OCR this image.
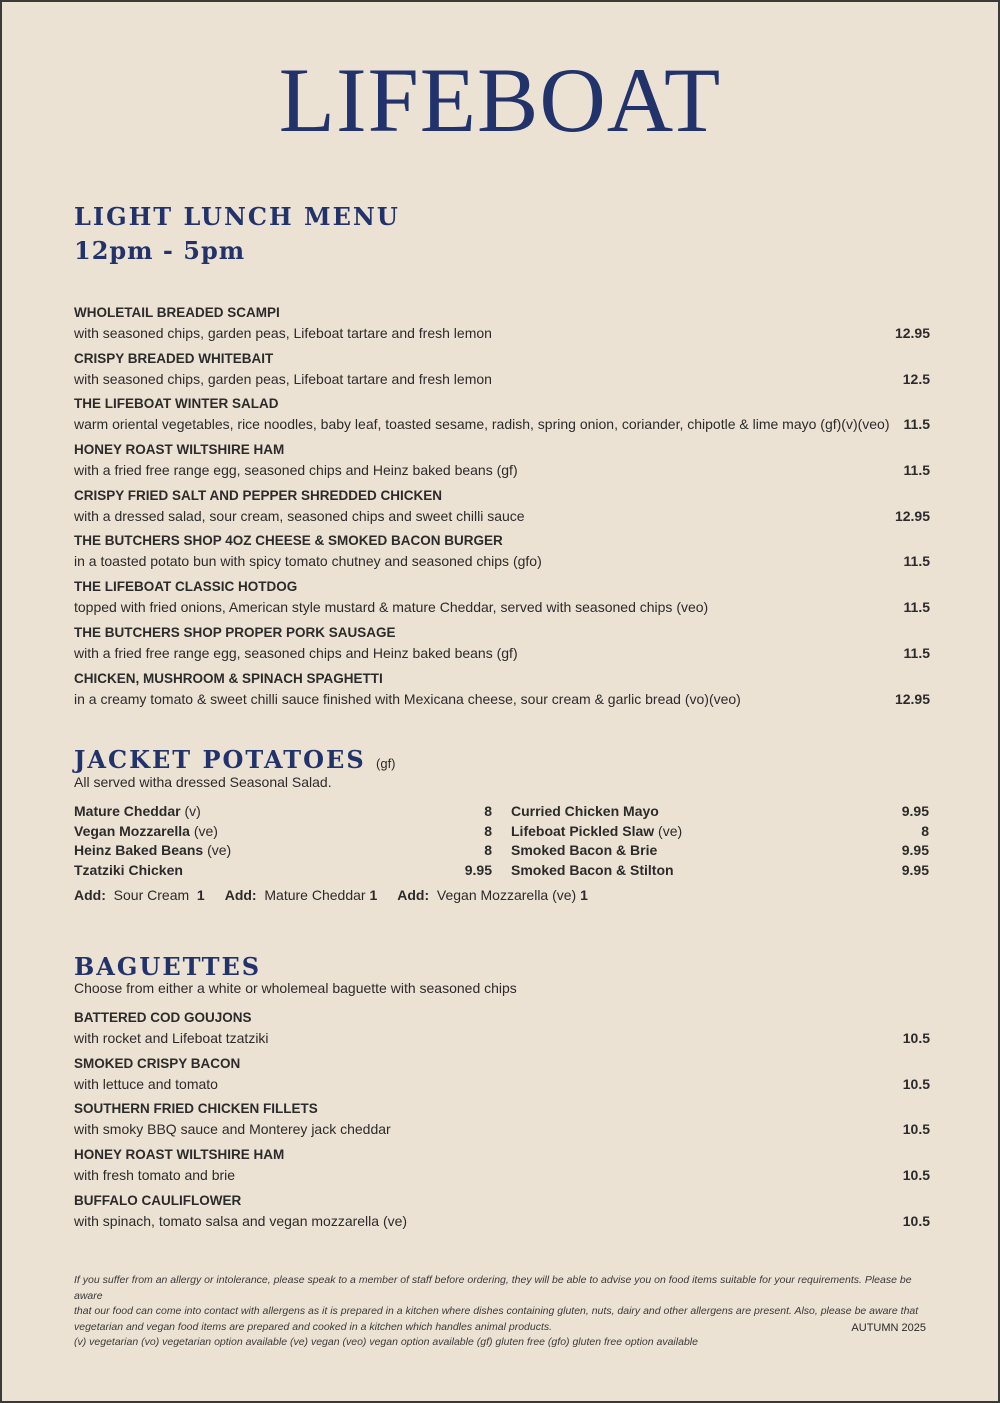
LIFEBOAT
LIGHT LUNCH MENU
12pm - 5pm
WHOLETAIL BREADED SCAMPI
with seasoned chips, garden peas, Lifeboat tartare and fresh lemon	12.95
CRISPY BREADED WHITEBAIT
with seasoned chips, garden peas, Lifeboat tartare and fresh lemon	12.5
THE LIFEBOAT WINTER SALAD
warm oriental vegetables, rice noodles, baby leaf, toasted sesame, radish, spring onion, coriander, chipotle & lime mayo (gf)(v)(veo) 11.5
HONEY ROAST WILTSHIRE HAM
with a fried free range egg, seasoned chips and Heinz baked beans (gf)	11.5
CRISPY FRIED SALT AND PEPPER SHREDDED CHICKEN
with a dressed salad, sour cream, seasoned chips and sweet chilli sauce	12.95
THE BUTCHERS SHOP 4OZ CHEESE & SMOKED BACON BURGER
in a toasted potato bun with spicy tomato chutney and seasoned chips (gfo)	11.5
THE LIFEBOAT CLASSIC HOTDOG
topped with fried onions, American style mustard & mature Cheddar, served with seasoned chips (veo)	11.5
THE BUTCHERS SHOP PROPER PORK SAUSAGE
with a fried free range egg, seasoned chips and Heinz baked beans (gf)	11.5
CHICKEN, MUSHROOM & SPINACH SPAGHETTI
in a creamy tomato & sweet chilli sauce finished with Mexicana cheese, sour cream & garlic bread (vo)(veo)	12.95
JACKET POTATOES (gf)
All served witha dressed Seasonal Salad.
Mature Cheddar (v)	8
Vegan Mozzarella (ve)	8
Heinz Baked Beans (ve)	8
Tzatziki Chicken	9.95
Curried Chicken Mayo	9.95
Lifeboat Pickled Slaw (ve)	8
Smoked Bacon & Brie	9.95
Smoked Bacon & Stilton	9.95
Add: Sour Cream 1 Add: Mature Cheddar 1 Add: Vegan Mozzarella (ve) 1
BAGUETTES
Choose from either a white or wholemeal baguette with seasoned chips
BATTERED COD GOUJONS
with rocket and Lifeboat tzatziki	10.5
SMOKED CRISPY BACON
with lettuce and tomato	10.5
SOUTHERN FRIED CHICKEN FILLETS
with smoky BBQ sauce and Monterey jack cheddar	10.5
HONEY ROAST WILTSHIRE HAM
with fresh tomato and brie	10.5
BUFFALO CAULIFLOWER
with spinach, tomato salsa and vegan mozzarella (ve)	10.5
If you suffer from an allergy or intolerance, please speak to a member of staff before ordering, they will be able to advise you on food items suitable for your requirements. Please be aware
that our food can come into contact with allergens as it is prepared in a kitchen where dishes containing gluten, nuts, dairy and other allergens are present. Also, please be aware that
vegetarian and vegan food items are prepared and cooked in a kitchen which handles animal products.
(v) vegetarian (vo) vegetarian option available (ve) vegan (veo) vegan option available (gf) gluten free (gfo) gluten free option available
AUTUMN 2025
